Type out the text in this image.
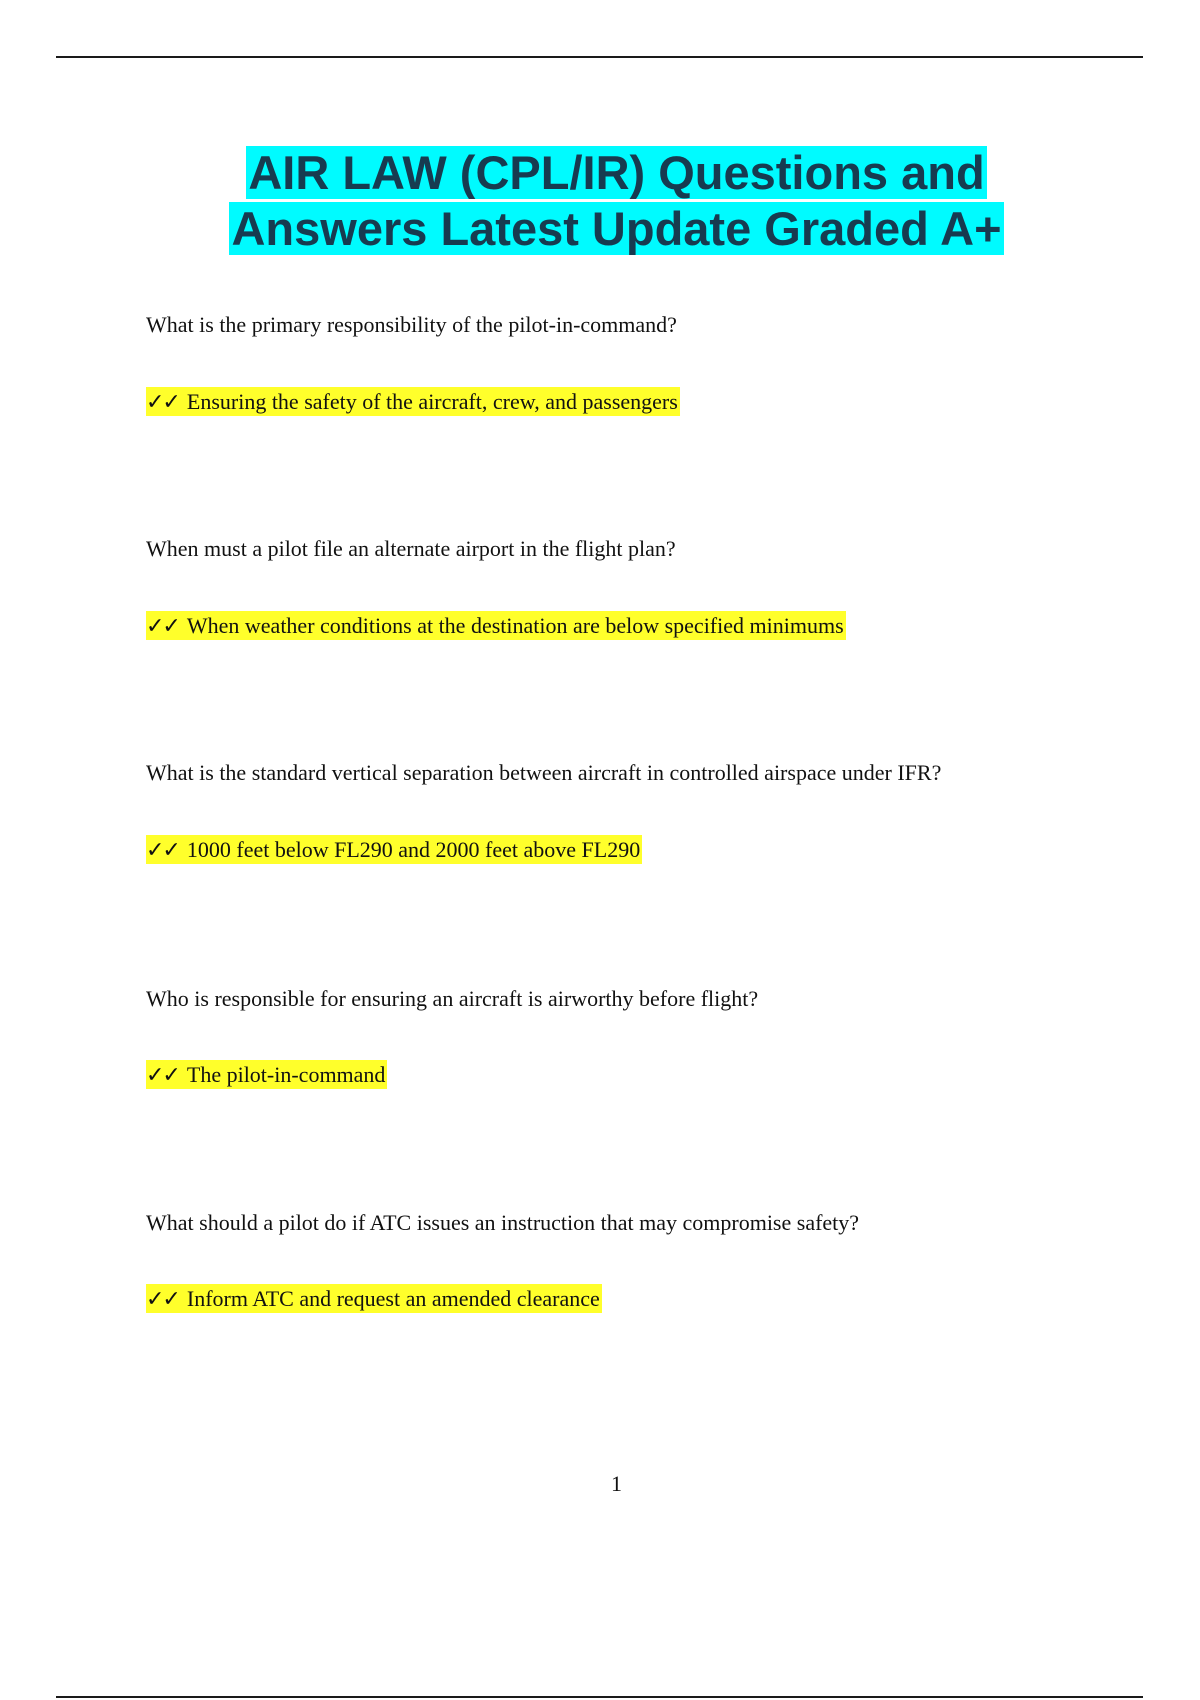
AIR LAW (CPL/IR) Questions and
Answers Latest Update Graded A+

What is the primary responsibility of the pilot-in-command?

✓✓ Ensuring the safety of the aircraft, crew, and passengers

When must a pilot file an alternate airport in the flight plan?

✓✓ When weather conditions at the destination are below specified minimums

What is the standard vertical separation between aircraft in controlled airspace under IFR?

✓✓ 1000 feet below FL290 and 2000 feet above FL290

Who is responsible for ensuring an aircraft is airworthy before flight?

✓✓ The pilot-in-command

What should a pilot do if ATC issues an instruction that may compromise safety?

✓✓ Inform ATC and request an amended clearance

1
